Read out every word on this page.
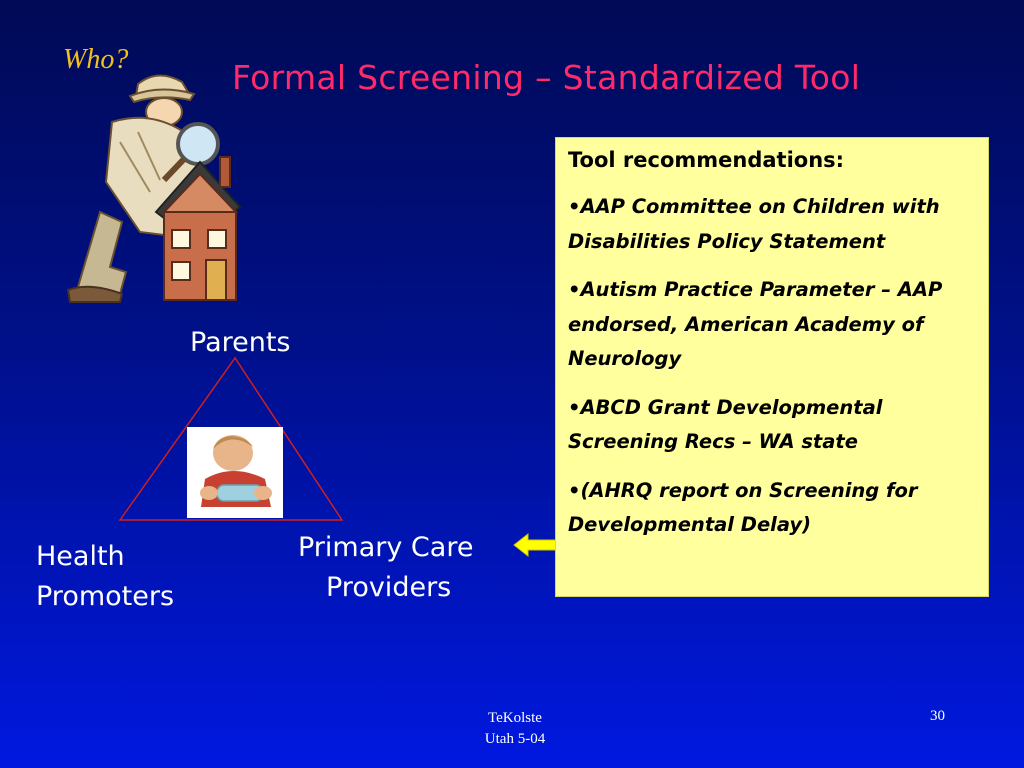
Who?	Formal Screening – Standardized Tool
Parents
Health
Promoters
Primary Care
Providers
Tool recommendations:
•AAP Committee on Children with Disabilities Policy Statement
•Autism Practice Parameter – AAP endorsed, American Academy of Neurology
•ABCD Grant Developmental Screening Recs – WA state
•(AHRQ report on Screening for Developmental Delay)
TeKolste
Utah 5-04
30
